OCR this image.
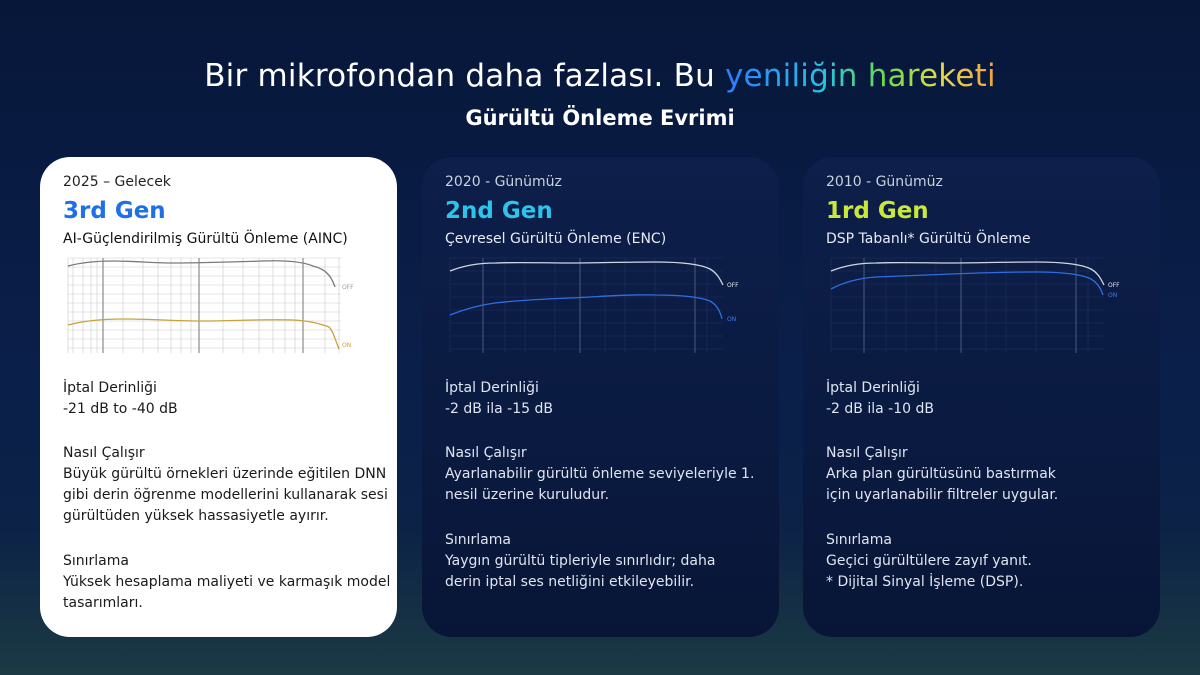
Bir mikrofondan daha fazlası. Bu yeniliğin hareketi
Gürültü Önleme Evrimi
2025 – Gelecek
3rd Gen
AI-Güçlendirilmiş Gürültü Önleme (AINC)
OFF
ON
İptal Derinliği
-21 dB to -40 dB
Nasıl Çalışır
Büyük gürültü örnekleri üzerinde eğitilen DNN
gibi derin öğrenme modellerini kullanarak sesi
gürültüden yüksek hassasiyetle ayırır.
Sınırlama
Yüksek hesaplama maliyeti ve karmaşık model
tasarımları.
2020 - Günümüz
2nd Gen
Çevresel Gürültü Önleme (ENC)
OFF
ON
İptal Derinliği
-2 dB ila -15 dB
Nasıl Çalışır
Ayarlanabilir gürültü önleme seviyeleriyle 1.
nesil üzerine kuruludur.
Sınırlama
Yaygın gürültü tipleriyle sınırlıdır; daha
derin iptal ses netliğini etkileyebilir.
2010 - Günümüz
1rd Gen
DSP Tabanlı* Gürültü Önleme
OFF
ON
İptal Derinliği
-2 dB ila -10 dB
Nasıl Çalışır
Arka plan gürültüsünü bastırmak
için uyarlanabilir filtreler uygular.
Sınırlama
Geçici gürültülere zayıf yanıt.
* Dijital Sinyal İşleme (DSP).
